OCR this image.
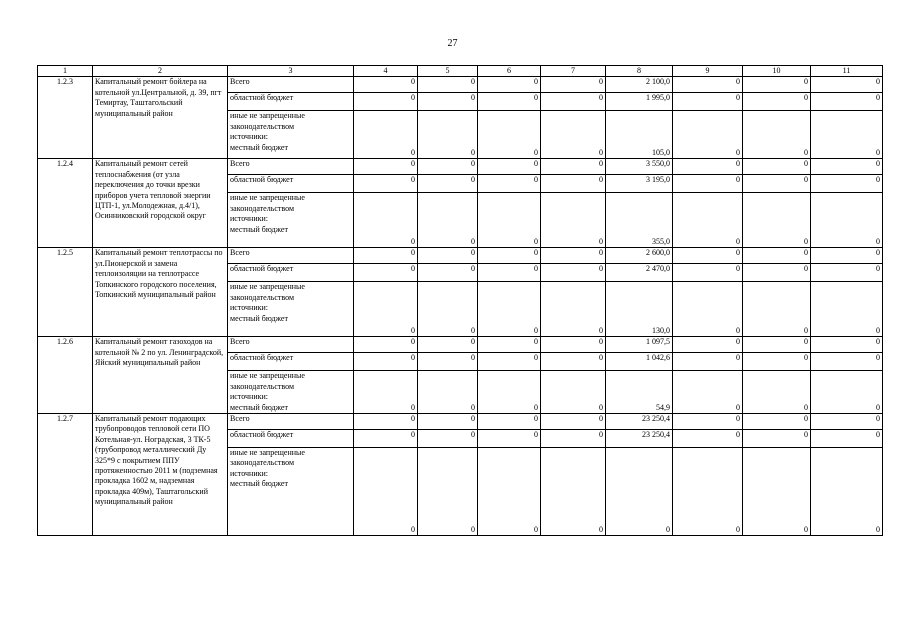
27
1	2	3	4	5	6	7	8	9	10	11
1.2.3	Капитальный ремонт бойлера на котельной ул.Центральной, д. 39, пгт Темиртау, Таштагольский муниципальный район	Всего	0	0	0	0	2 100,0	0	0	0
		областной бюджет	0	0	0	0	1 995,0	0	0	0

		иные не запрещенные
законодательством
источники:
местный бюджет	0	0	0	0	105,0	0	0	0
1.2.4	Капитальный ремонт сетей теплоснабжения (от узла переключения до точки врезки приборов учета тепловой энергии ЦТП-1, ул.Молодежная, д.4/1), Осинниковский городской округ	Всего	0	0	0	0	3 550,0	0	0	0
		областной бюджет	0	0	0	0	3 195,0	0	0	0

		иные не запрещенные
законодательством
источники:
местный бюджет	0	0	0	0	355,0	0	0	0
1.2.5	Капитальный ремонт теплотрассы по ул.Пионерской и замена теплоизоляции на теплотрассе Топкинского городского поселения, Топкинский муниципальный район	Всего	0	0	0	0	2 600,0	0	0	0
		областной бюджет	0	0	0	0	2 470,0	0	0	0

		иные не запрещенные
законодательством
источники:
местный бюджет	0	0	0	0	130,0	0	0	0
1.2.6	Капитальный ремонт газоходов на котельной № 2 по ул. Ленинградской, Яйский муниципальный район	Всего	0	0	0	0	1 097,5	0	0	0
		областной бюджет	0	0	0	0	1 042,6	0	0	0

		иные не запрещенные
законодательством
источники:
местный бюджет	0	0	0	0	54,9	0	0	0
1.2.7	Капитальный ремонт подающих трубопроводов тепловой сети ПО Котельная-ул. Ноградская, 3 ТК-5 (трубопровод металлический Ду 325*9 с покрытием ППУ протяженностью 2011 м (подземная прокладка 1602 м, надземная прокладка 409м), Таштагольский муниципальный район	Всего	0	0	0	0	23 250,4	0	0	0
		областной бюджет	0	0	0	0	23 250,4	0	0	0

		иные не запрещенные
законодательством
источники:
местный бюджет	0	0	0	0	0	0	0	0
